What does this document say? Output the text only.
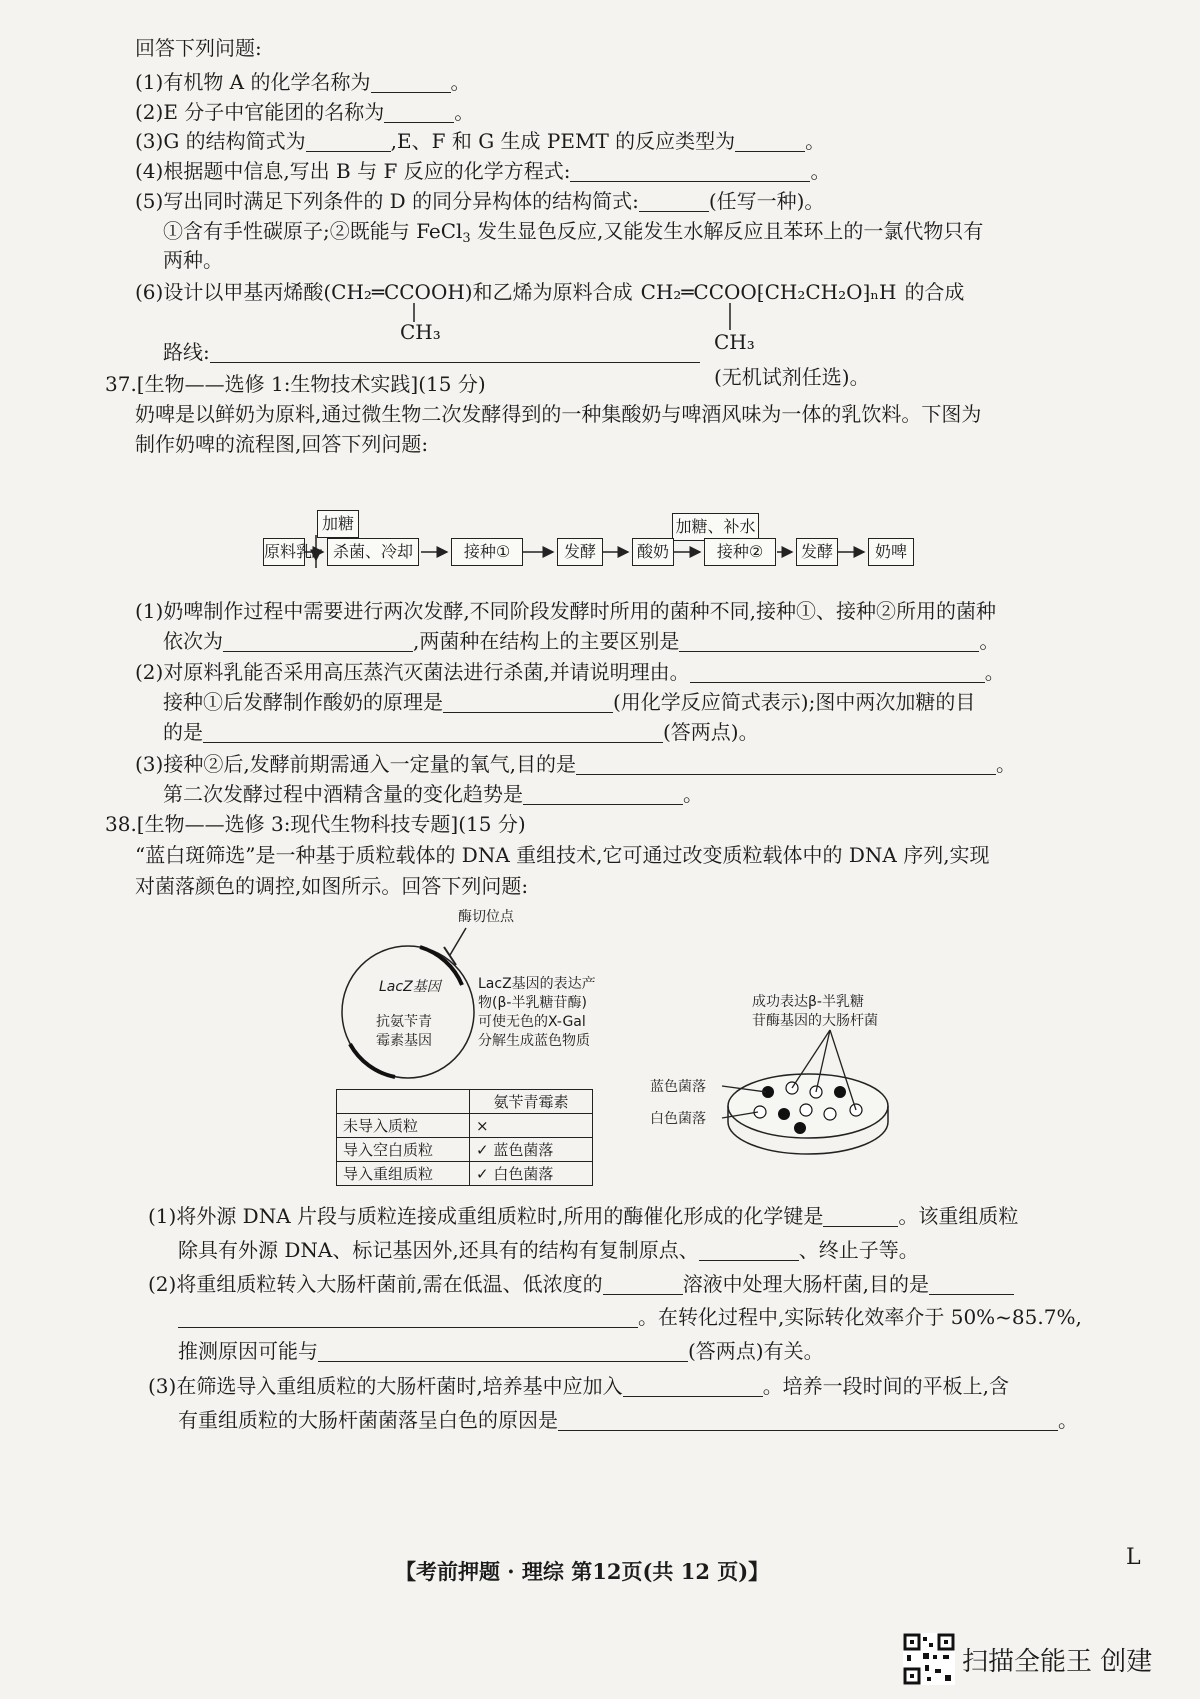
回答下列问题:
(1)有机物 A 的化学名称为	。
(2)E 分子中官能团的名称为	。
(3)G 的结构简式为	,E、F 和 G 生成 PEMT 的反应类型为	。
(4)根据题中信息,写出 B 与 F 反应的化学方程式:	。
(5)写出同时满足下列条件的 D 的同分异构体的结构简式:	(任写一种)。
①含有手性碳原子;②既能与 FeCl$_3$ 发生显色反应,又能发生水解反应且苯环上的一氯代物只有
两种。
(6)设计以甲基丙烯酸(CH₂═CCOOH)和乙烯为原料合成 CH₂═CCOO⁅CH₂CH₂O⁆ₙH 的合成
CH₃	CH₃
路线:
(无机试剂任选)。
37.[生物——选修 1:生物技术实践](15 分)
奶啤是以鲜奶为原料,通过微生物二次发酵得到的一种集酸奶与啤酒风味为一体的乳饮料。下图为
制作奶啤的流程图,回答下列问题:
加糖	加糖、补水
原料乳	杀菌、冷却	接种①	发酵	酸奶	接种②	发酵	奶啤
(1)奶啤制作过程中需要进行两次发酵,不同阶段发酵时所用的菌种不同,接种①、接种②所用的菌种
依次为	,两菌种在结构上的主要区别是	。
(2)对原料乳能否采用高压蒸汽灭菌法进行杀菌,并请说明理由。	。
接种①后发酵制作酸奶的原理是	(用化学反应简式表示);图中两次加糖的目
的是	(答两点)。
(3)接种②后,发酵前期需通入一定量的氧气,目的是	。
第二次发酵过程中酒精含量的变化趋势是	。
38.[生物——选修 3:现代生物科技专题](15 分)
“蓝白斑筛选”是一种基于质粒载体的 DNA 重组技术,它可通过改变质粒载体中的 DNA 序列,实现
对菌落颜色的调控,如图所示。回答下列问题:
酶切位点
LacZ基因
抗氨苄青
霉素基因
LacZ基因的表达产
物(β-半乳糖苷酶)
可使无色的X-Gal
分解生成蓝色物质
成功表达β-半乳糖
苷酶基因的大肠杆菌
蓝色菌落
白色菌落
	氨苄青霉素
未导入质粒	×
导入空白质粒	✓ 蓝色菌落
导入重组质粒	✓ 白色菌落
(1)将外源 DNA 片段与质粒连接成重组质粒时,所用的酶催化形成的化学键是	。该重组质粒
除具有外源 DNA、标记基因外,还具有的结构有复制原点、	、终止子等。
(2)将重组质粒转入大肠杆菌前,需在低温、低浓度的	溶液中处理大肠杆菌,目的是
。在转化过程中,实际转化效率介于 50%~85.7%,
推测原因可能与	(答两点)有关。
(3)在筛选导入重组质粒的大肠杆菌时,培养基中应加入	。培养一段时间的平板上,含
有重组质粒的大肠杆菌菌落呈白色的原因是	。
【考前押题 · 理综 第12页(共 12 页)】
L
扫描全能王 创建
